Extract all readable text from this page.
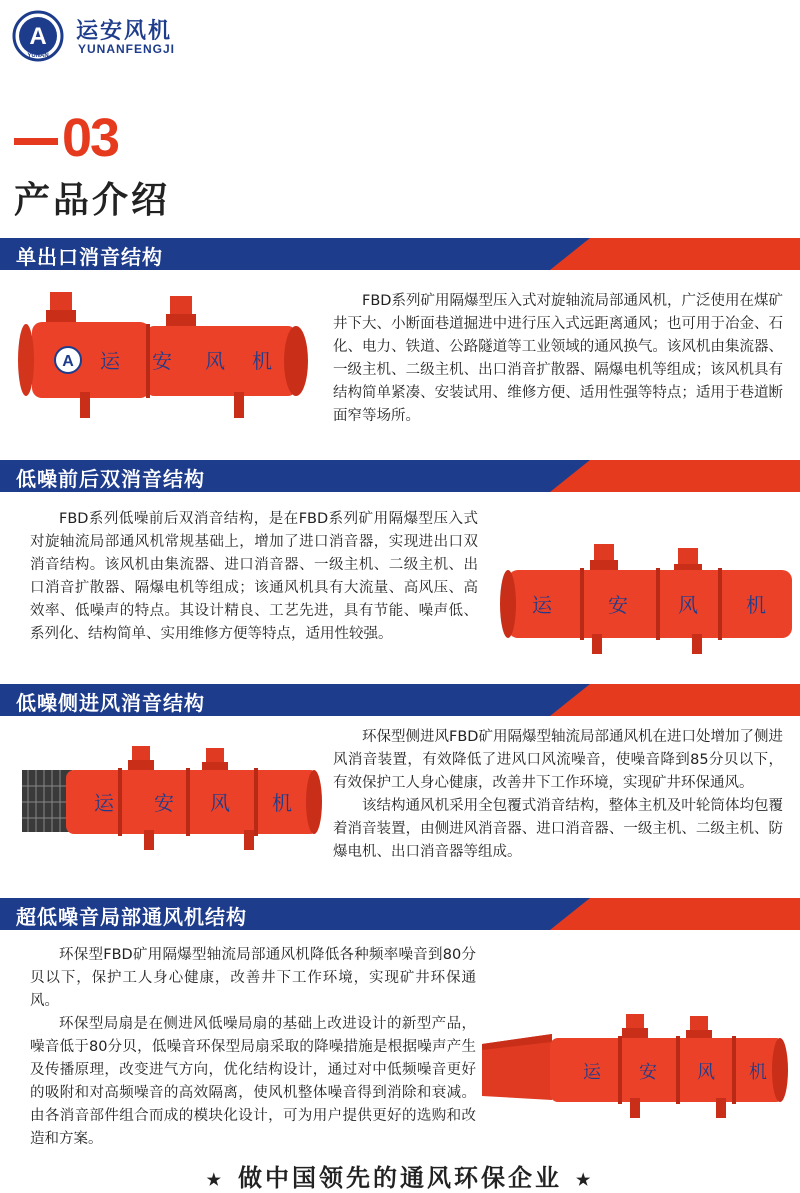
A
YUNAN
运安风机
YUNANFENGJI
03
产品介绍
单出口消音结构
A 运 安 风 机

FBD系列矿用隔爆型压入式对旋轴流局部通风机，广泛使用在煤矿井下大、小断面巷道掘进中进行压入式远距离通风；也可用于冶金、石化、电力、铁道、公路隧道等工业领域的通风换气。该风机由集流器、一级主机、二级主机、出口消音扩散器、隔爆电机等组成；该风机具有结构简单紧凑、安装试用、维修方便、适用性强等特点；适用于巷道断面窄等场所。

低噪前后双消音结构

FBD系列低噪前后双消音结构，是在FBD系列矿用隔爆型压入式对旋轴流局部通风机常规基础上，增加了进口消音器，实现进出口双消音结构。该风机由集流器、进口消音器、一级主机、二级主机、出口消音扩散器、隔爆电机等组成；该通风机具有大流量、高风压、高效率、低噪声的特点。其设计精良、工艺先进，具有节能、噪声低、系列化、结构简单、实用维修方便等特点，适用性较强。

运	安	风 机
低噪侧进风消音结构
运 安 风 机

环保型侧进风FBD矿用隔爆型轴流局部通风机在进口处增加了侧进风消音装置，有效降低了进风口风流噪音，使噪音降到85分贝以下，有效保护工人身心健康，改善井下工作环境，实现矿井环保通风。

该结构通风机采用全包覆式消音结构，整体主机及叶轮筒体均包覆着消音装置，由侧进风消音器、进口消音器、一级主机、二级主机、防爆电机、出口消音器等组成。

超低噪音局部通风机结构

环保型FBD矿用隔爆型轴流局部通风机降低各种频率噪音到80分贝以下，保护工人身心健康，改善井下工作环境，实现矿井环保通风。

环保型局扇是在侧进风低噪局扇的基础上改进设计的新型产品，噪音低于80分贝，低噪音环保型局扇采取的降噪措施是根据噪声产生及传播原理，改变进气方向，优化结构设计，通过对中低频噪音更好的吸附和对高频噪音的高效隔离，使风机整体噪音得到消除和衰减。由各消音部件组合而成的模块化设计，可为用户提供更好的选购和改造和方案。

运 安 风 机
★ 做中国领先的通风环保企业 ★
